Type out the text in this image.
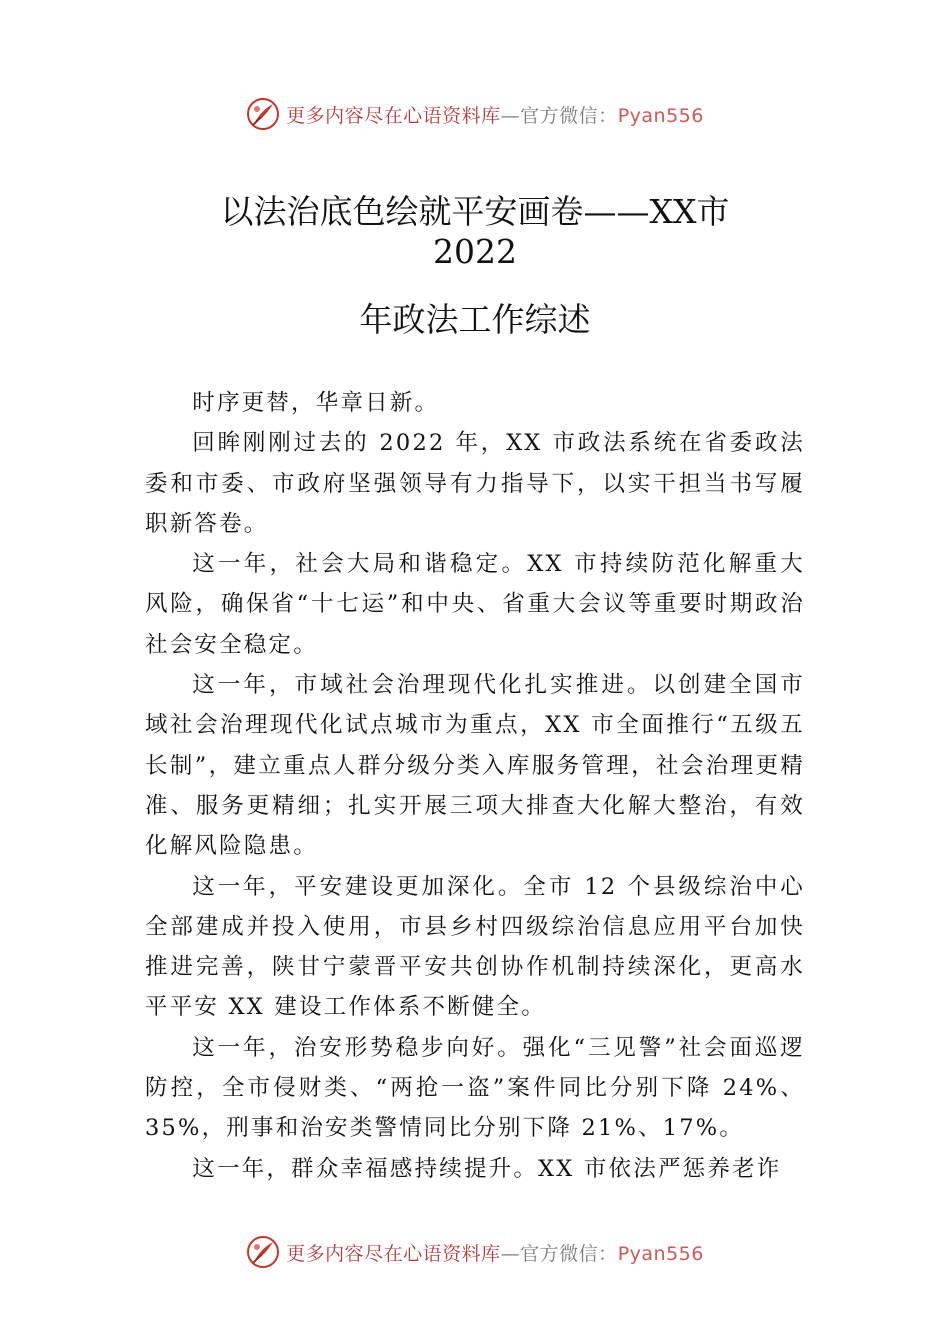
更多内容尽在心语资料库—官方微信：Pyan556
以法治底色绘就平安画卷——XX市
2022
年政法工作综述

时序更替，华章日新。

回眸刚刚过去的 2022 年，XX 市政法系统在省委政法委和市委、市政府坚强领导有力指导下，以实干担当书写履职新答卷。

这一年，社会大局和谐稳定。XX 市持续防范化解重大风险，确保省“十七运”和中央、省重大会议等重要时期政治社会安全稳定。

这一年，市域社会治理现代化扎实推进。以创建全国市域社会治理现代化试点城市为重点，XX 市全面推行“五级五长制”，建立重点人群分级分类入库服务管理，社会治理更精准、服务更精细；扎实开展三项大排查大化解大整治，有效化解风险隐患。

这一年，平安建设更加深化。全市 12 个县级综治中心全部建成并投入使用，市县乡村四级综治信息应用平台加快推进完善，陕甘宁蒙晋平安共创协作机制持续深化，更高水平平安 XX 建设工作体系不断健全。

这一年，治安形势稳步向好。强化“三见警”社会面巡逻防控，全市侵财类、“两抢一盗”案件同比分别下降 24%、35%，刑事和治安类警情同比分别下降 21%、17%。

这一年，群众幸福感持续提升。XX 市依法严惩养老诈

更多内容尽在心语资料库—官方微信：Pyan556
